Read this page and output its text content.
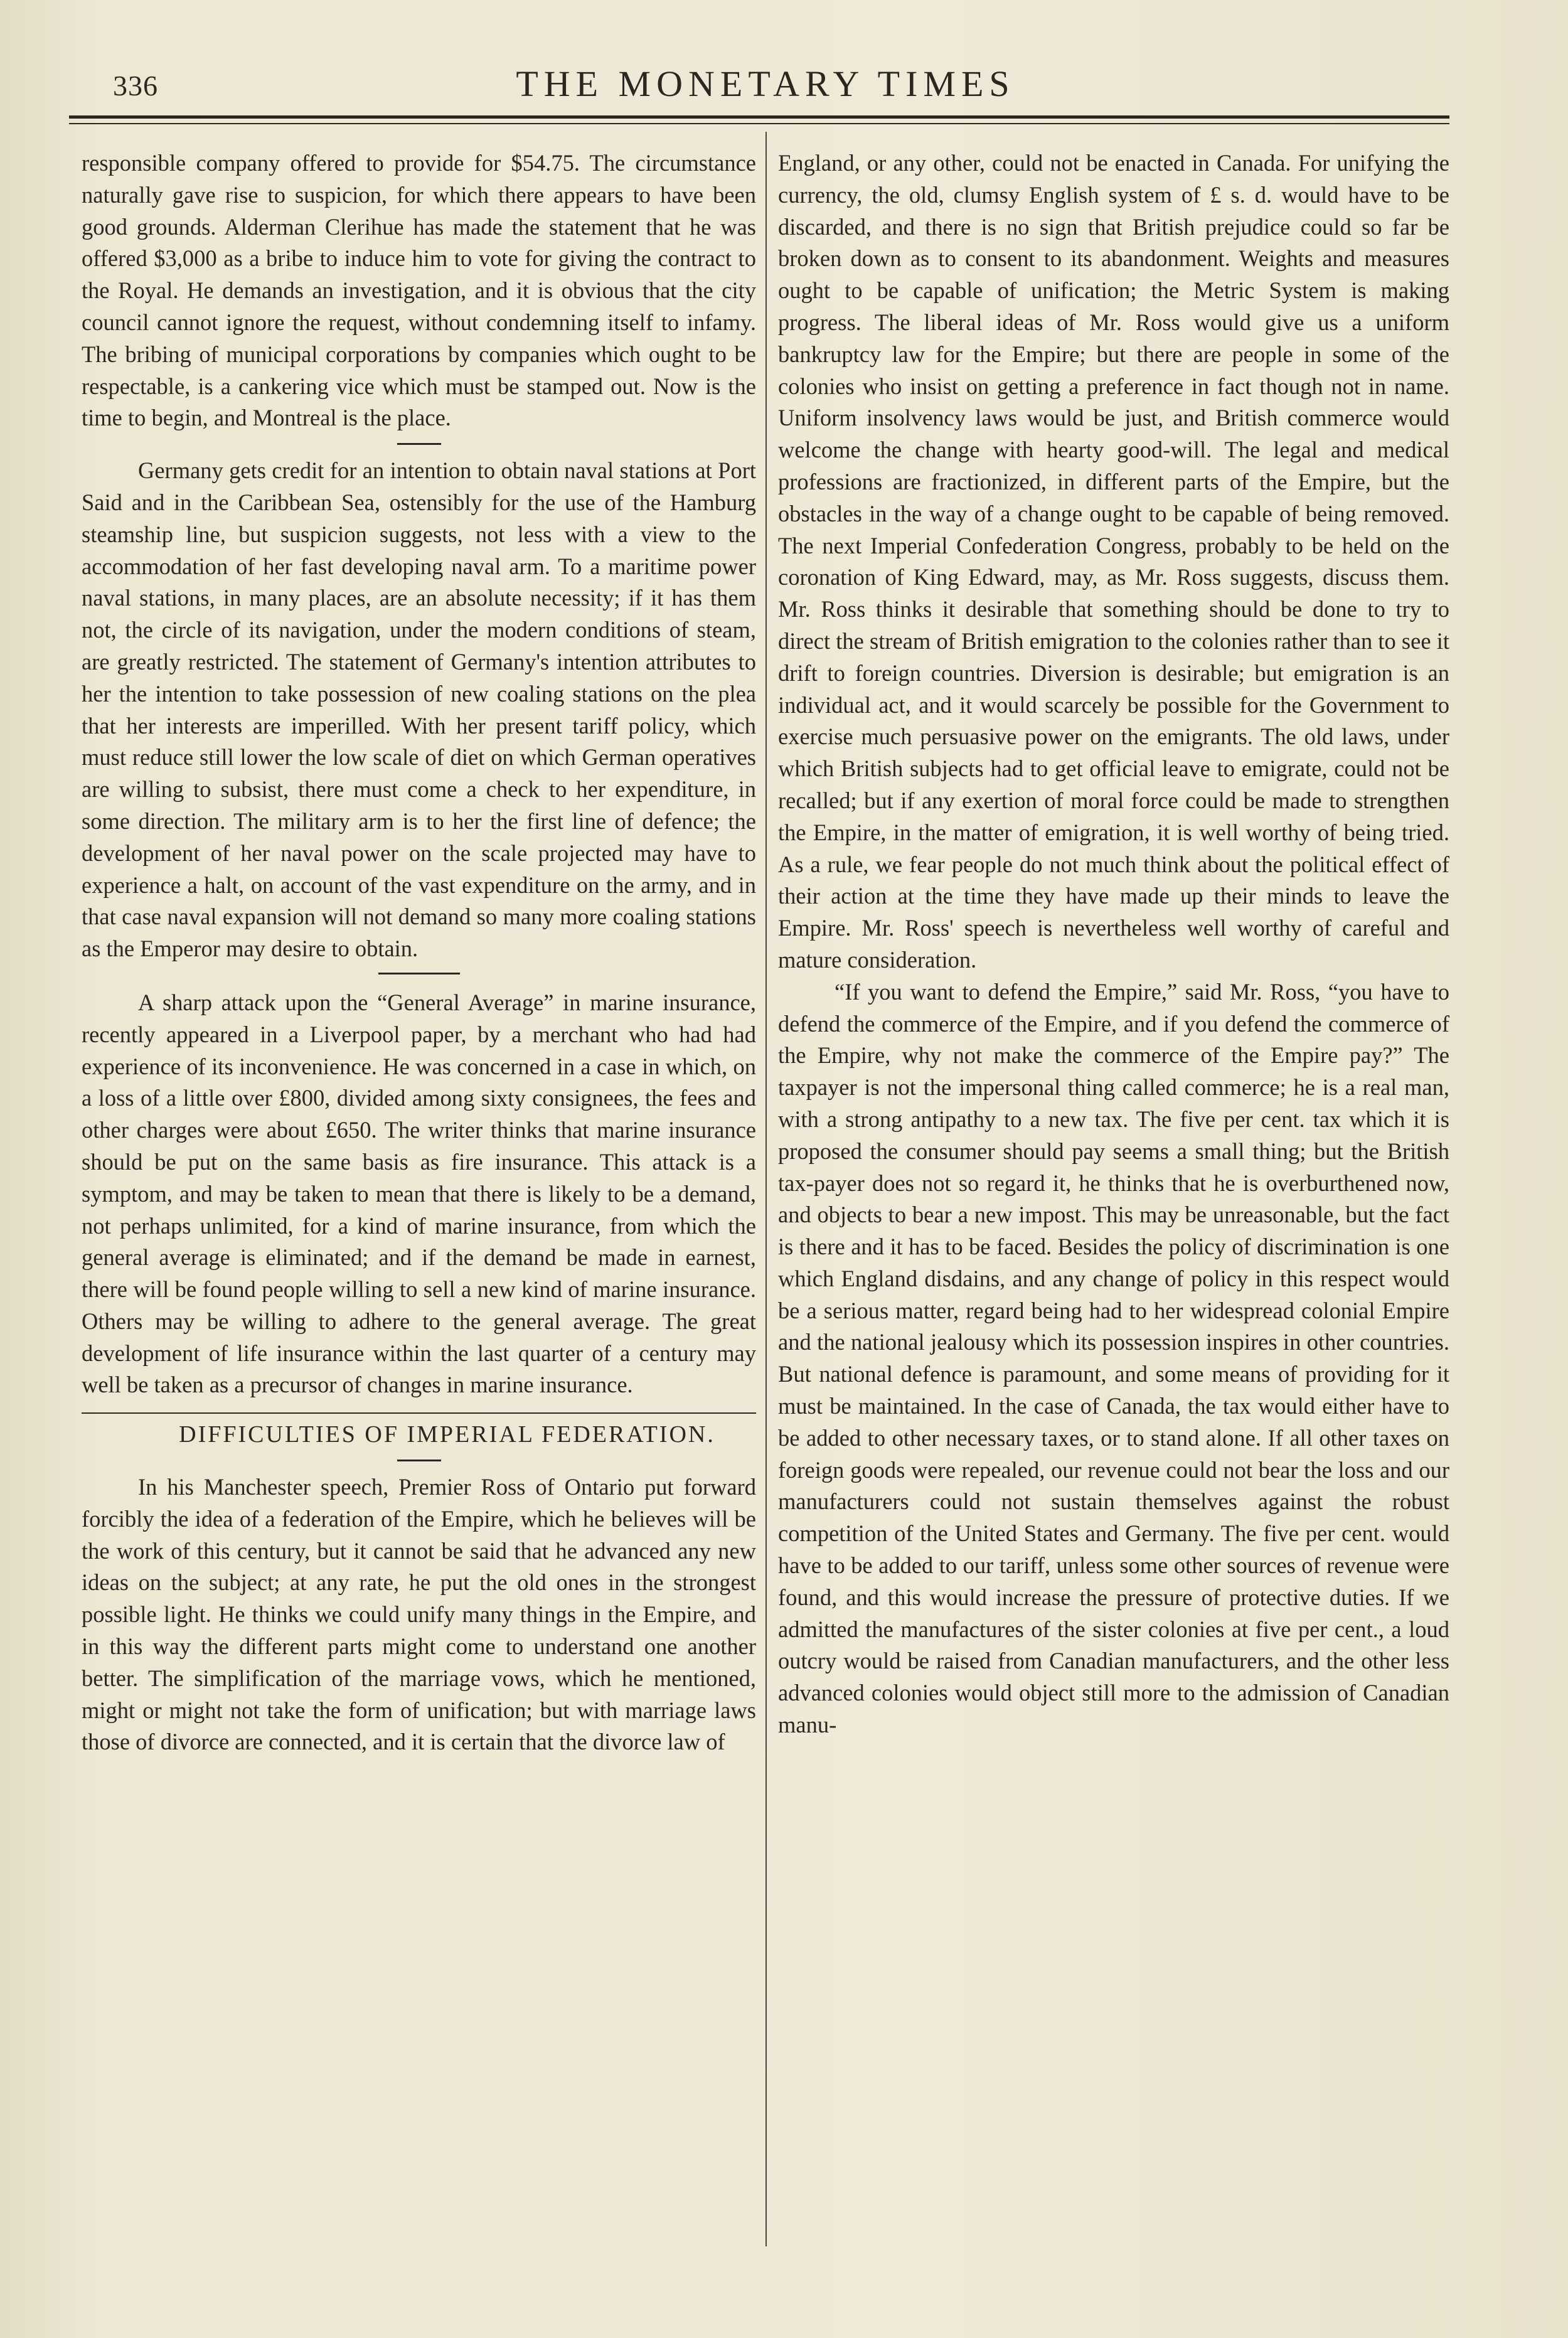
336	THE MONETARY TIMES

responsible company offered to provide for $54.75. The circumstance naturally gave rise to suspicion, for which there appears to have been good grounds. Alderman Clerihue has made the statement that he was offered $3,000 as a bribe to induce him to vote for giving the contract to the Royal. He demands an investigation, and it is obvious that the city council cannot ignore the request, without condemning itself to infamy. The bribing of municipal corporations by companies which ought to be respectable, is a cankering vice which must be stamped out. Now is the time to begin, and Montreal is the place.

Germany gets credit for an intention to obtain naval stations at Port Said and in the Caribbean Sea, ostensibly for the use of the Hamburg steamship line, but suspicion suggests, not less with a view to the accommodation of her fast developing naval arm. To a maritime power naval stations, in many places, are an absolute necessity; if it has them not, the circle of its navigation, under the modern conditions of steam, are greatly restricted. The statement of Germany's intention attributes to her the intention to take possession of new coaling stations on the plea that her interests are imperilled. With her present tariff policy, which must reduce still lower the low scale of diet on which German operatives are willing to subsist, there must come a check to her expenditure, in some direction. The military arm is to her the first line of defence; the development of her naval power on the scale projected may have to experience a halt, on account of the vast expenditure on the army, and in that case naval expansion will not demand so many more coaling stations as the Emperor may desire to obtain.

A sharp attack upon the “General Average” in marine insurance, recently appeared in a Liverpool paper, by a merchant who had had experience of its inconvenience. He was concerned in a case in which, on a loss of a little over £800, divided among sixty consignees, the fees and other charges were about £650. The writer thinks that marine insurance should be put on the same basis as fire insurance. This attack is a symptom, and may be taken to mean that there is likely to be a demand, not perhaps unlimited, for a kind of marine insurance, from which the general average is eliminated; and if the demand be made in earnest, there will be found people willing to sell a new kind of marine insurance. Others may be willing to adhere to the general average. The great development of life insurance within the last quarter of a century may well be taken as a precursor of changes in marine insurance.

DIFFICULTIES OF IMPERIAL FEDERATION.

In his Manchester speech, Premier Ross of Ontario put forward forcibly the idea of a federation of the Empire, which he believes will be the work of this century, but it cannot be said that he advanced any new ideas on the subject; at any rate, he put the old ones in the strongest possible light. He thinks we could unify many things in the Empire, and in this way the different parts might come to understand one another better. The simplification of the marriage vows, which he mentioned, might or might not take the form of unification; but with marriage laws those of divorce are connected, and it is certain that the divorce law of

England, or any other, could not be enacted in Canada. For unifying the currency, the old, clumsy English system of £ s. d. would have to be discarded, and there is no sign that British prejudice could so far be broken down as to consent to its abandonment. Weights and measures ought to be capable of unification; the Metric System is making progress. The liberal ideas of Mr. Ross would give us a uniform bankruptcy law for the Empire; but there are people in some of the colonies who insist on getting a preference in fact though not in name. Uniform insolvency laws would be just, and British commerce would welcome the change with hearty good-will. The legal and medical professions are fractionized, in different parts of the Empire, but the obstacles in the way of a change ought to be capable of being removed. The next Imperial Confederation Congress, probably to be held on the coronation of King Edward, may, as Mr. Ross suggests, discuss them. Mr. Ross thinks it desirable that something should be done to try to direct the stream of British emigration to the colonies rather than to see it drift to foreign countries. Diversion is desirable; but emigration is an individual act, and it would scarcely be possible for the Government to exercise much persuasive power on the emigrants. The old laws, under which British subjects had to get official leave to emigrate, could not be recalled; but if any exertion of moral force could be made to strengthen the Empire, in the matter of emigration, it is well worthy of being tried. As a rule, we fear people do not much think about the political effect of their action at the time they have made up their minds to leave the Empire. Mr. Ross' speech is nevertheless well worthy of careful and mature consideration.

“If you want to defend the Empire,” said Mr. Ross, “you have to defend the commerce of the Empire, and if you defend the commerce of the Empire, why not make the commerce of the Empire pay?” The taxpayer is not the impersonal thing called commerce; he is a real man, with a strong antipathy to a new tax. The five per cent. tax which it is proposed the consumer should pay seems a small thing; but the British tax-payer does not so regard it, he thinks that he is overburthened now, and objects to bear a new impost. This may be unreasonable, but the fact is there and it has to be faced. Besides the policy of discrimination is one which England disdains, and any change of policy in this respect would be a serious matter, regard being had to her widespread colonial Empire and the national jealousy which its possession inspires in other countries. But national defence is paramount, and some means of providing for it must be maintained. In the case of Canada, the tax would either have to be added to other necessary taxes, or to stand alone. If all other taxes on foreign goods were repealed, our revenue could not bear the loss and our manufacturers could not sustain themselves against the robust competition of the United States and Germany. The five per cent. would have to be added to our tariff, unless some other sources of revenue were found, and this would increase the pressure of protective duties. If we admitted the manufactures of the sister colonies at five per cent., a loud outcry would be raised from Canadian manufacturers, and the other less advanced colonies would object still more to the admission of Canadian manu-
